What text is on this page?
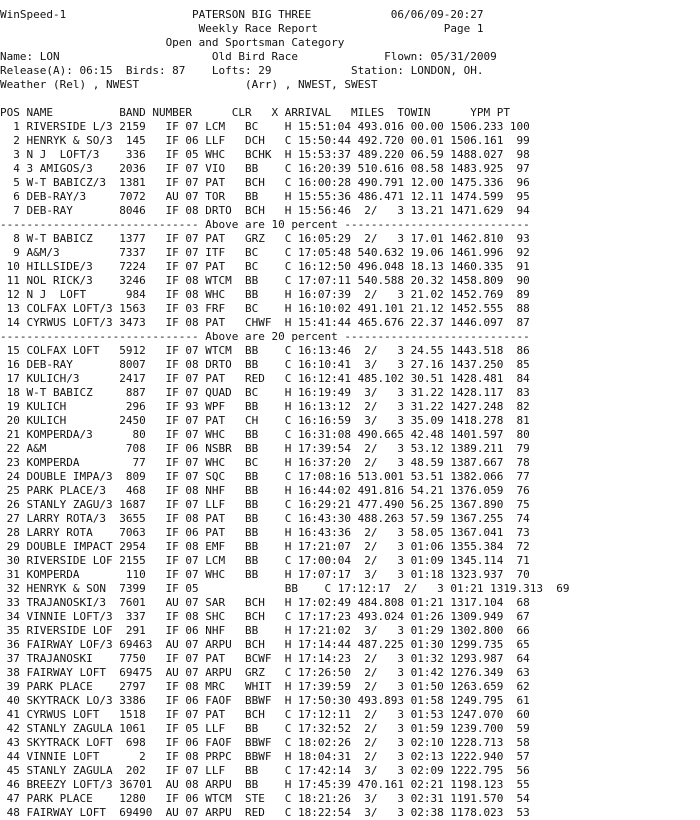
WinSpeed-1                   PATERSON BIG THREE            06/06/09-20:27
Weekly Race Report                   Page 1
Open and Sportsman Category
Name: LON                       Old Bird Race             Flown: 05/31/2009
Release(A): 06:15  Birds: 87    Lofts: 29            Station: LONDON, OH.
Weather (Rel) , NWEST                (Arr) , NWEST, SWEST
POS NAME          BAND NUMBER      CLR   X ARRIVAL   MILES  TOWIN      YPM PT
1 RIVERSIDE L/3 2159   IF 07 LCM   BC    H 15:51:04 493.016 00.00 1506.233 100
2 HENRYK & SO/3  145   IF 06 LLF   DCH   C 15:50:44 492.720 00.01 1506.161  99
3 N J  LOFT/3    336   IF 05 WHC   BCHK  H 15:53:37 489.220 06.59 1488.027  98
4 3 AMIGOS/3    2036   IF 07 VIO   BB    C 16:20:39 510.616 08.58 1483.925  97
5 W-T BABICZ/3  1381   IF 07 PAT   BCH   C 16:00:28 490.791 12.00 1475.336  96
6 DEB-RAY/3     7072   AU 07 TOR   BB    H 15:55:36 486.471 12.11 1474.599  95
7 DEB-RAY       8046   IF 08 DRTO  BCH   H 15:56:46  2/   3 13.21 1471.629  94
------------------------------ Above are 10 percent ----------------------------
8 W-T BABICZ    1377   IF 07 PAT   GRZ   C 16:05:29  2/   3 17.01 1462.810  93
9 A&M/3         7337   IF 07 ITF   BC    C 17:05:48 540.632 19.06 1461.996  92
10 HILLSIDE/3    7224   IF 07 PAT   BC    C 16:12:50 496.048 18.13 1460.335  91
11 NOL RICK/3    3246   IF 08 WTCM  BB    C 17:07:11 540.588 20.32 1458.809  90
12 N J  LOFT      984   IF 08 WHC   BB    H 16:07:39  2/   3 21.02 1452.769  89
13 COLFAX LOFT/3 1563   IF 03 FRF   BC    H 16:10:02 491.101 21.12 1452.555  88
14 CYRWUS LOFT/3 3473   IF 08 PAT   CHWF  H 15:41:44 465.676 22.37 1446.097  87
------------------------------ Above are 20 percent ----------------------------
15 COLFAX LOFT   5912   IF 07 WTCM  BB    C 16:13:46  2/   3 24.55 1443.518  86
16 DEB-RAY       8007   IF 08 DRTO  BB    C 16:10:41  3/   3 27.16 1437.250  85
17 KULICH/3      2417   IF 07 PAT   RED   C 16:12:41 485.102 30.51 1428.481  84
18 W-T BABICZ     887   IF 07 QUAD  BC    H 16:19:49  3/   3 31.22 1428.117  83
19 KULICH         296   IF 93 WPF   BB    H 16:13:12  2/   3 31.22 1427.248  82
20 KULICH        2450   IF 07 PAT   CH    C 16:16:59  3/   3 35.09 1418.278  81
21 KOMPERDA/3      80   IF 07 WHC   BB    C 16:31:08 490.665 42.48 1401.597  80
22 A&M            708   IF 06 NSBR  BB    H 17:39:54  2/   3 53.12 1389.211  79
23 KOMPERDA        77   IF 07 WHC   BC    H 16:37:20  2/   3 48.59 1387.667  78
24 DOUBLE IMPA/3  809   IF 07 SQC   BB    C 17:08:16 513.001 53.51 1382.066  77
25 PARK PLACE/3   468   IF 08 NHF   BB    H 16:44:02 491.816 54.21 1376.059  76
26 STANLY ZAGU/3 1687   IF 07 LLF   BB    C 16:29:21 477.490 56.25 1367.890  75
27 LARRY ROTA/3  3655   IF 08 PAT   BB    C 16:43:30 488.263 57.59 1367.255  74
28 LARRY ROTA    7063   IF 06 PAT   BB    H 16:43:36  2/   3 58.05 1367.041  73
29 DOUBLE IMPACT 2954   IF 08 EMF   BB    H 17:21:07  2/   3 01:06 1355.384  72
30 RIVERSIDE LOF 2155   IF 07 LCM   BB    C 17:00:04  2/   3 01:09 1345.114  71
31 KOMPERDA       110   IF 07 WHC   BB    H 17:07:17  3/   3 01:18 1323.937  70
32 HENRYK & SON  7399   IF 05             BB    C 17:12:17  2/   3 01:21 1319.313  69
33 TRAJANOSKI/3  7601   AU 07 SAR   BCH   H 17:02:49 484.808 01:21 1317.104  68
34 VINNIE LOFT/3  337   IF 08 SHC   BCH   C 17:17:23 493.024 01:26 1309.949  67
35 RIVERSIDE LOF  291   IF 06 NHF   BB    H 17:21:02  3/   3 01:29 1302.800  66
36 FAIRWAY LOF/3 69463  AU 07 ARPU  BCH   H 17:14:44 487.225 01:30 1299.735  65
37 TRAJANOSKI    7750   IF 07 PAT   BCWF  H 17:14:23  2/   3 01:32 1293.987  64
38 FAIRWAY LOFT  69475  AU 07 ARPU  GRZ   C 17:26:50  2/   3 01:42 1276.349  63
39 PARK PLACE    2797   IF 08 MRC   WHIT  H 17:39:59  2/   3 01:50 1263.659  62
40 SKYTRACK LO/3 3386   IF 06 FAOF  BBWF  H 17:50:30 493.893 01:58 1249.795  61
41 CYRWUS LOFT   1518   IF 07 PAT   BCH   C 17:12:11  2/   3 01:53 1247.070  60
42 STANLY ZAGULA 1061   IF 05 LLF   BB    C 17:32:52  2/   3 01:59 1239.700  59
43 SKYTRACK LOFT  698   IF 06 FAOF  BBWF  C 18:02:26  2/   3 02:10 1228.713  58
44 VINNIE LOFT      2   IF 08 PRPC  BBWF  H 18:04:31  2/   3 02:13 1222.940  57
45 STANLY ZAGULA  202   IF 07 LLF   BB    C 17:42:14  3/   3 02:09 1222.795  56
46 BREEZY LOFT/3 36701  AU 08 ARPU  BB    H 17:45:39 470.161 02:21 1198.123  55
47 PARK PLACE    1280   IF 06 WTCM  STE   C 18:21:26  3/   3 02:31 1191.570  54
48 FAIRWAY LOFT  69490  AU 07 ARPU  RED   C 18:22:54  3/   3 02:38 1178.023  53
